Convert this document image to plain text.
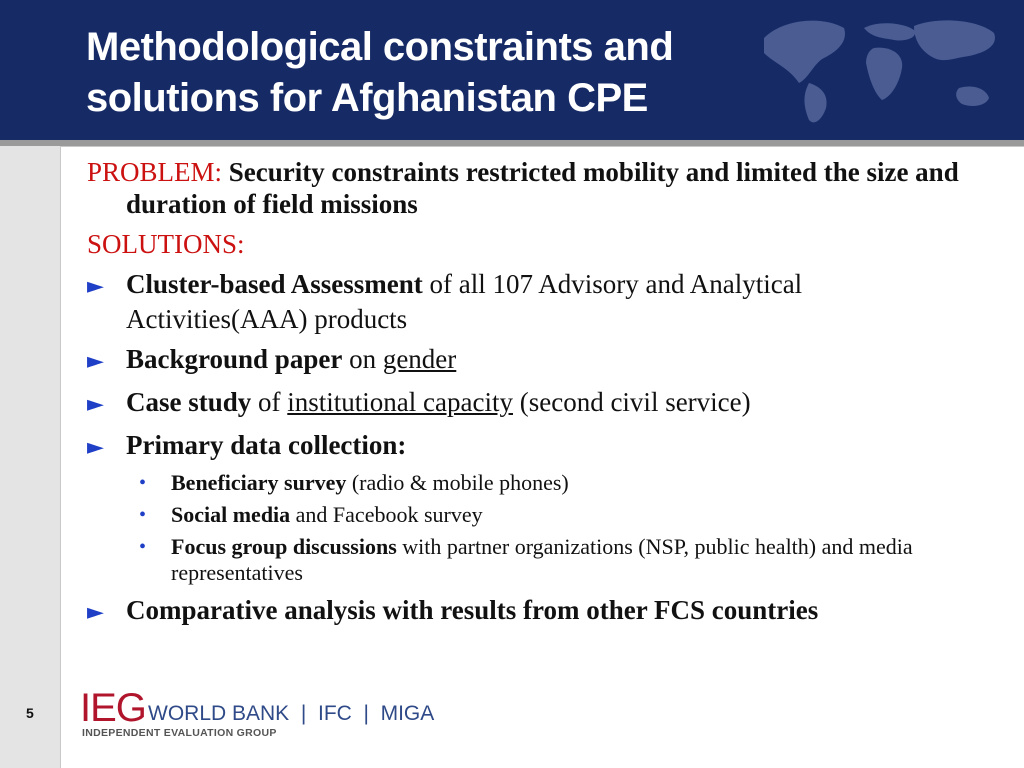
Methodological constraints and
solutions for Afghanistan CPE
PROBLEM: Security constraints restricted mobility and limited the size and duration of field missions
SOLUTIONS:
► Cluster-based Assessment of all 107 Advisory and Analytical Activities(AAA) products
► Background paper on gender
► Case study of institutional capacity (second civil service)
► Primary data collection:
• Beneficiary survey (radio & mobile phones)
• Social media and Facebook survey
• Focus group discussions with partner organizations (NSP, public health) and media representatives
► Comparative analysis with results from other FCS countries
5 IEG WORLD BANK  |  IFC  |  MIGA
INDEPENDENT EVALUATION GROUP
